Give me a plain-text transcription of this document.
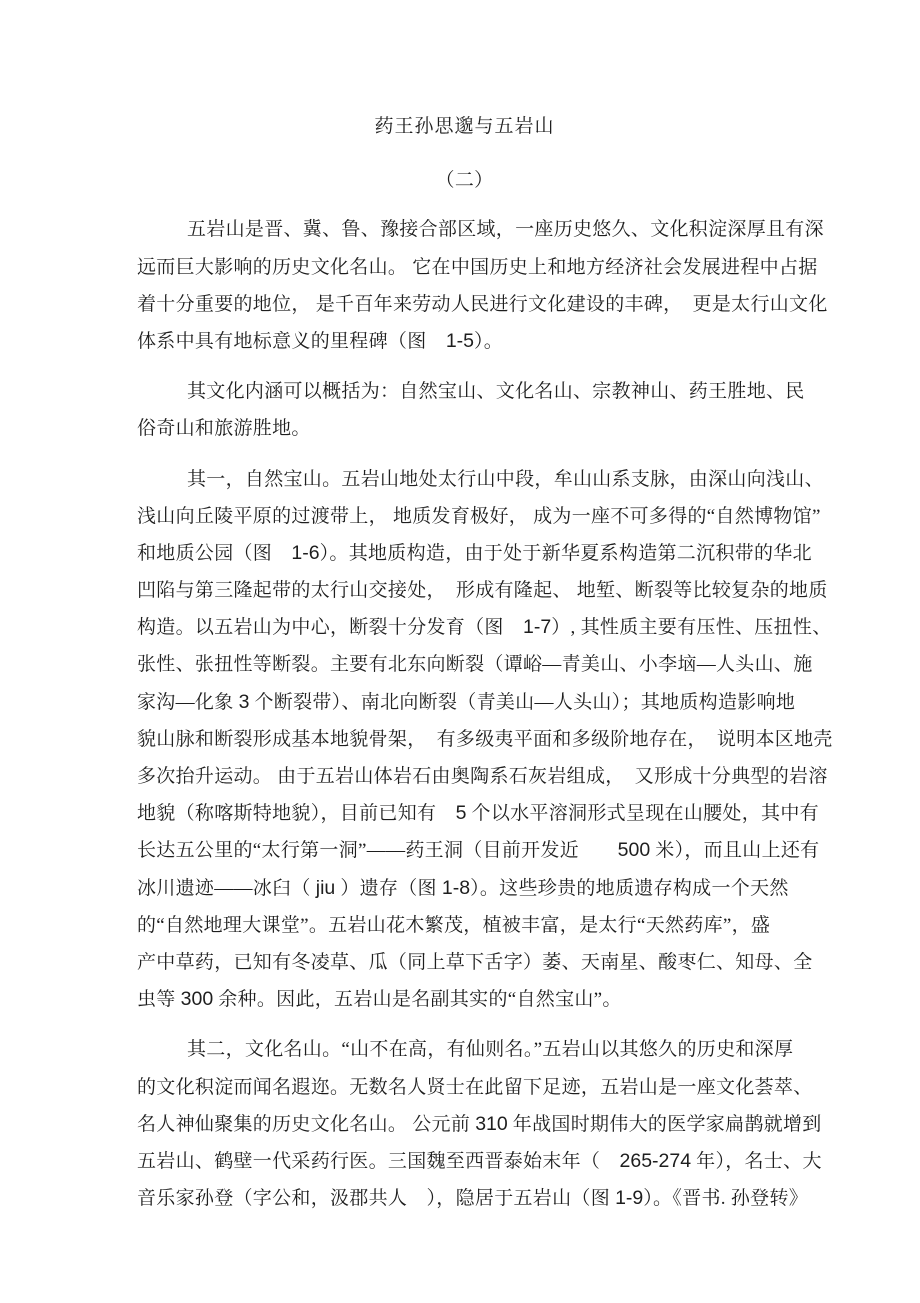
药王孙思邈与五岩山
（二）
五岩山是晋、冀、鲁、豫接合部区域，一座历史悠久、文化积淀深厚且有深
远而巨大影响的历史文化名山。 它在中国历史上和地方经济社会发展进程中占据
着十分重要的地位， 是千百年来劳动人民进行文化建设的丰碑，  更是太行山文化
体系中具有地标意义的里程碑（图　1-5）。
其文化内涵可以概括为：自然宝山、文化名山、宗教神山、药王胜地、民
俗奇山和旅游胜地。
其一，自然宝山。五岩山地处太行山中段，牟山山系支脉，由深山向浅山、
浅山向丘陵平原的过渡带上， 地质发育极好， 成为一座不可多得的“自然博物馆”
和地质公园（图　1-6）。其地质构造，由于处于新华夏系构造第二沉积带的华北
凹陷与第三隆起带的太行山交接处，  形成有隆起、 地堑、断裂等比较复杂的地质
构造。以五岩山为中心，断裂十分发育（图　1-7）, 其性质主要有压性、压扭性、
张性、张扭性等断裂。主要有北东向断裂（谭峪—青美山、小李垴—人头山、施
家沟—化象 3 个断裂带）、南北向断裂（青美山—人头山）；其地质构造影响地
貌山脉和断裂形成基本地貌骨架，  有多级夷平面和多级阶地存在，  说明本区地壳
多次抬升运动。 由于五岩山体岩石由奥陶系石灰岩组成，  又形成十分典型的岩溶
地貌（称喀斯特地貌），目前已知有　5 个以水平溶洞形式呈现在山腰处，其中有
长达五公里的“太行第一洞”——药王洞（目前开发近　　500 米），而且山上还有
冰川遗迹——冰臼（ jiu ）遗存（图 1-8）。这些珍贵的地质遗存构成一个天然
的“自然地理大课堂”。五岩山花木繁茂，植被丰富，是太行“天然药库”，盛
产中草药，已知有冬凌草、瓜（同上草下舌字）萎、天南星、酸枣仁、知母、全
虫等 300 余种。因此，五岩山是名副其实的“自然宝山”。
其二，文化名山。“山不在高，有仙则名。”五岩山以其悠久的历史和深厚
的文化积淀而闻名遐迩。无数名人贤士在此留下足迹，五岩山是一座文化荟萃、
名人神仙聚集的历史文化名山。 公元前 310 年战国时期伟大的医学家扁鹊就增到
五岩山、鹤壁一代采药行医。三国魏至西晋泰始末年（　265-274 年），名士、大
音乐家孙登（字公和，汲郡共人　），隐居于五岩山（图 1-9）。《晋书. 孙登转》
